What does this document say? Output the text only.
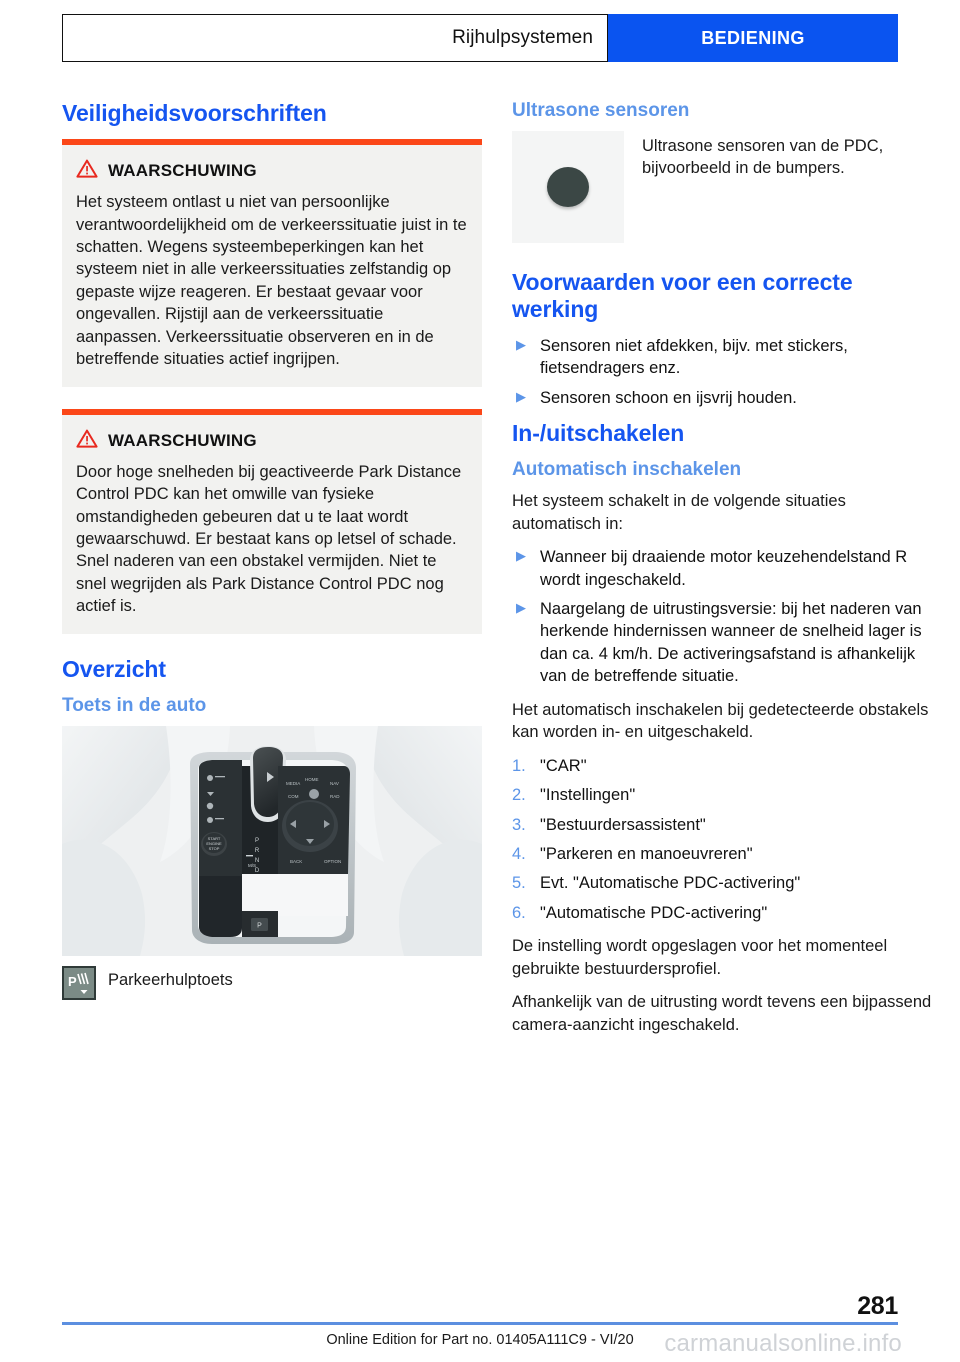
Rijhulpsystemen	BEDIENING
Veiligheidsvoorschriften
WAARSCHUWING
Het systeem ontlast u niet van persoonlijke verantwoordelijkheid om de verkeerssituatie juist in te schatten. Wegens systeembeperkingen kan het systeem niet in alle verkeerssituaties zelfstandig op gepaste wijze reageren. Er bestaat gevaar voor ongevallen. Rijstijl aan de verkeerssituatie aanpassen. Verkeerssituatie observeren en in de betreffende situaties actief ingrijpen.
WAARSCHUWING
Door hoge snelheden bij geactiveerde Park Distance Control PDC kan het omwille van fysieke omstandigheden gebeuren dat u te laat wordt gewaarschuwd. Er bestaat kans op letsel of schade. Snel naderen van een obstakel vermijden. Niet te snel wegrijden als Park Distance Control PDC nog actief is.
Overzicht
Toets in de auto
MEDIA
HOME
NAV
COM	RAD
BACK	OPTION
START
ENGINE
STOP
P
R
N
D
M/S
P
P Parkeerhulptoets
Ultrasone sensoren
Ultrasone sensoren van de PDC, bijvoorbeeld in de bumpers.
Voorwaarden voor een correcte werking
▶ Sensoren niet afdekken, bijv. met stickers, fietsendragers enz.
▶ Sensoren schoon en ijsvrij houden.
In-/uitschakelen
Automatisch inschakelen

Het systeem schakelt in de volgende situaties automatisch in:

▶ Wanneer bij draaiende motor keuzehendelstand R wordt ingeschakeld.
▶ Naargelang de uitrustingsversie: bij het naderen van herkende hindernissen wanneer de snelheid lager is dan ca. 4 km/h. De activeringsafstand is afhankelijk van de betreffende situatie.

Het automatisch inschakelen bij gedetecteerde obstakels kan worden in- en uitgeschakeld.

1. "CAR"
2. "Instellingen"
3. "Bestuurdersassistent"
4. "Parkeren en manoeuvreren"
5. Evt. "Automatische PDC-activering"
6. "Automatische PDC-activering"

De instelling wordt opgeslagen voor het momenteel gebruikte bestuurdersprofiel.

Afhankelijk van de uitrusting wordt tevens een bijpassend camera-aanzicht ingeschakeld.

281
Online Edition for Part no. 01405A111C9 - VI/20	carmanualsonline.info
